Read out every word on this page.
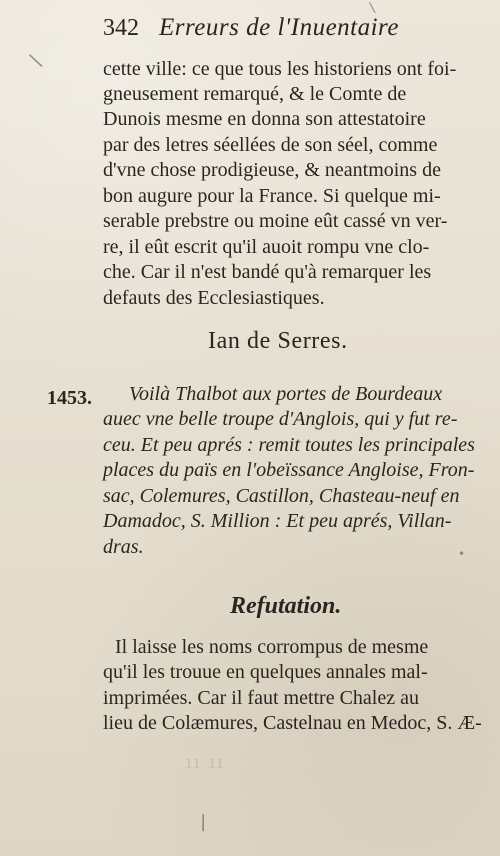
\
\
•
\
ıı ıı
342 Erreurs de l'Inuentaire
cette ville: ce que tous les historiens ont foi-
gneusement remarqué, & le Comte de
Dunois mesme en donna son attestatoire
par des letres séellées de son séel, comme
d'vne chose prodigieuse, & neantmoins de
bon augure pour la France. Si quelque mi-
serable prebstre ou moine eût cassé vn ver-
re, il eût escrit qu'il auoit rompu vne clo-
che. Car il n'est bandé qu'à remarquer les
defauts des Ecclesiastiques.
Ian de Serres.
1453. Voilà Thalbot aux portes de Bourdeaux
auec vne belle troupe d'Anglois, qui y fut re-
ceu. Et peu aprés : remit toutes les principales
places du païs en l'obeïssance Angloise, Fron-
sac, Colemures, Castillon, Chasteau-neuf en
Damadoc, S. Million : Et peu aprés, Villan-
dras.
Refutation.
Il laisse les noms corrompus de mesme
qu'il les trouue en quelques annales mal-
imprimées. Car il faut mettre Chalez au
lieu de Colæmures, Castelnau en Medoc, S. Æ-
